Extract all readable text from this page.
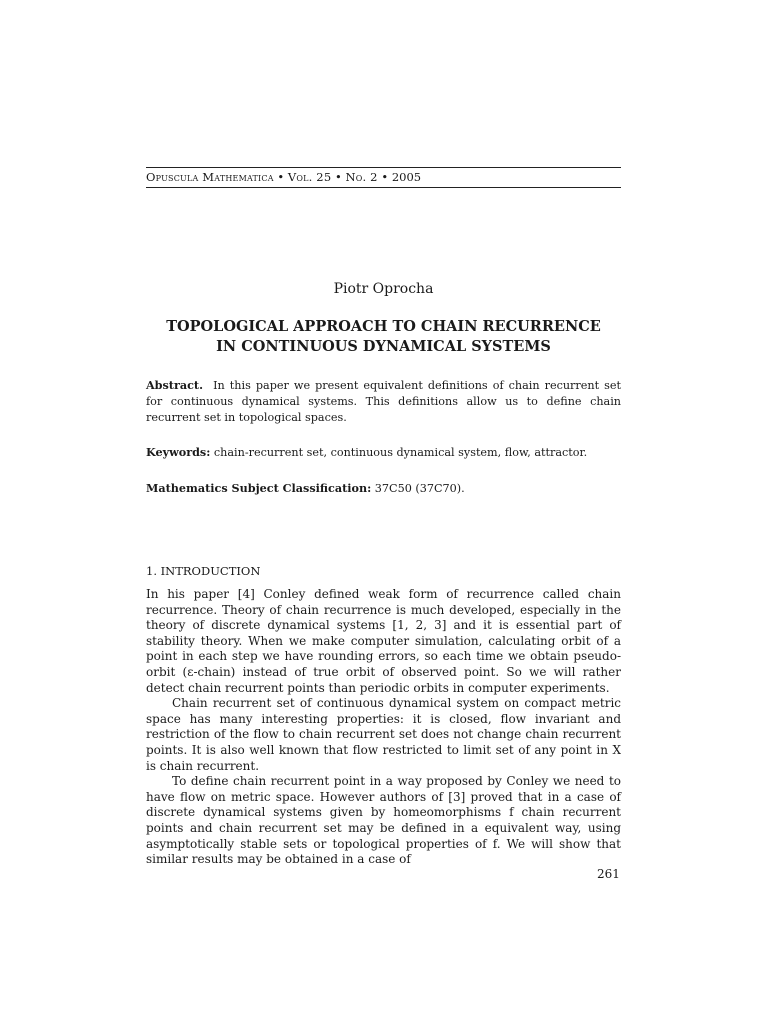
Opuscula Mathematica • Vol. 25 • No. 2 • 2005
Piotr Oprocha
TOPOLOGICAL APPROACH TO CHAIN RECURRENCE
IN CONTINUOUS DYNAMICAL SYSTEMS
Abstract. In this paper we present equivalent definitions of chain recurrent set for continuous dynamical systems. This definitions allow us to define chain recurrent set in topological spaces.
Keywords: chain-recurrent set, continuous dynamical system, flow, attractor.
Mathematics Subject Classification: 37C50 (37C70).
1. INTRODUCTION

In his paper [4] Conley defined weak form of recurrence called chain recurrence. Theory of chain recurrence is much developed, especially in the theory of discrete dynamical systems [1, 2, 3] and it is essential part of stability theory. When we make computer simulation, calculating orbit of a point in each step we have rounding errors, so each time we obtain pseudo-orbit (ε-chain) instead of true orbit of observed point. So we will rather detect chain recurrent points than periodic orbits in computer experiments.

Chain recurrent set of continuous dynamical system on compact metric space has many interesting properties: it is closed, flow invariant and restriction of the flow to chain recurrent set does not change chain recurrent points. It is also well known that flow restricted to limit set of any point in X is chain recurrent.

To define chain recurrent point in a way proposed by Conley we need to have flow on metric space. However authors of [3] proved that in a case of discrete dynamical systems given by homeomorphisms f chain recurrent points and chain recurrent set may be defined in a equivalent way, using asymptotically stable sets or topological properties of f. We will show that similar results may be obtained in a case of

261
